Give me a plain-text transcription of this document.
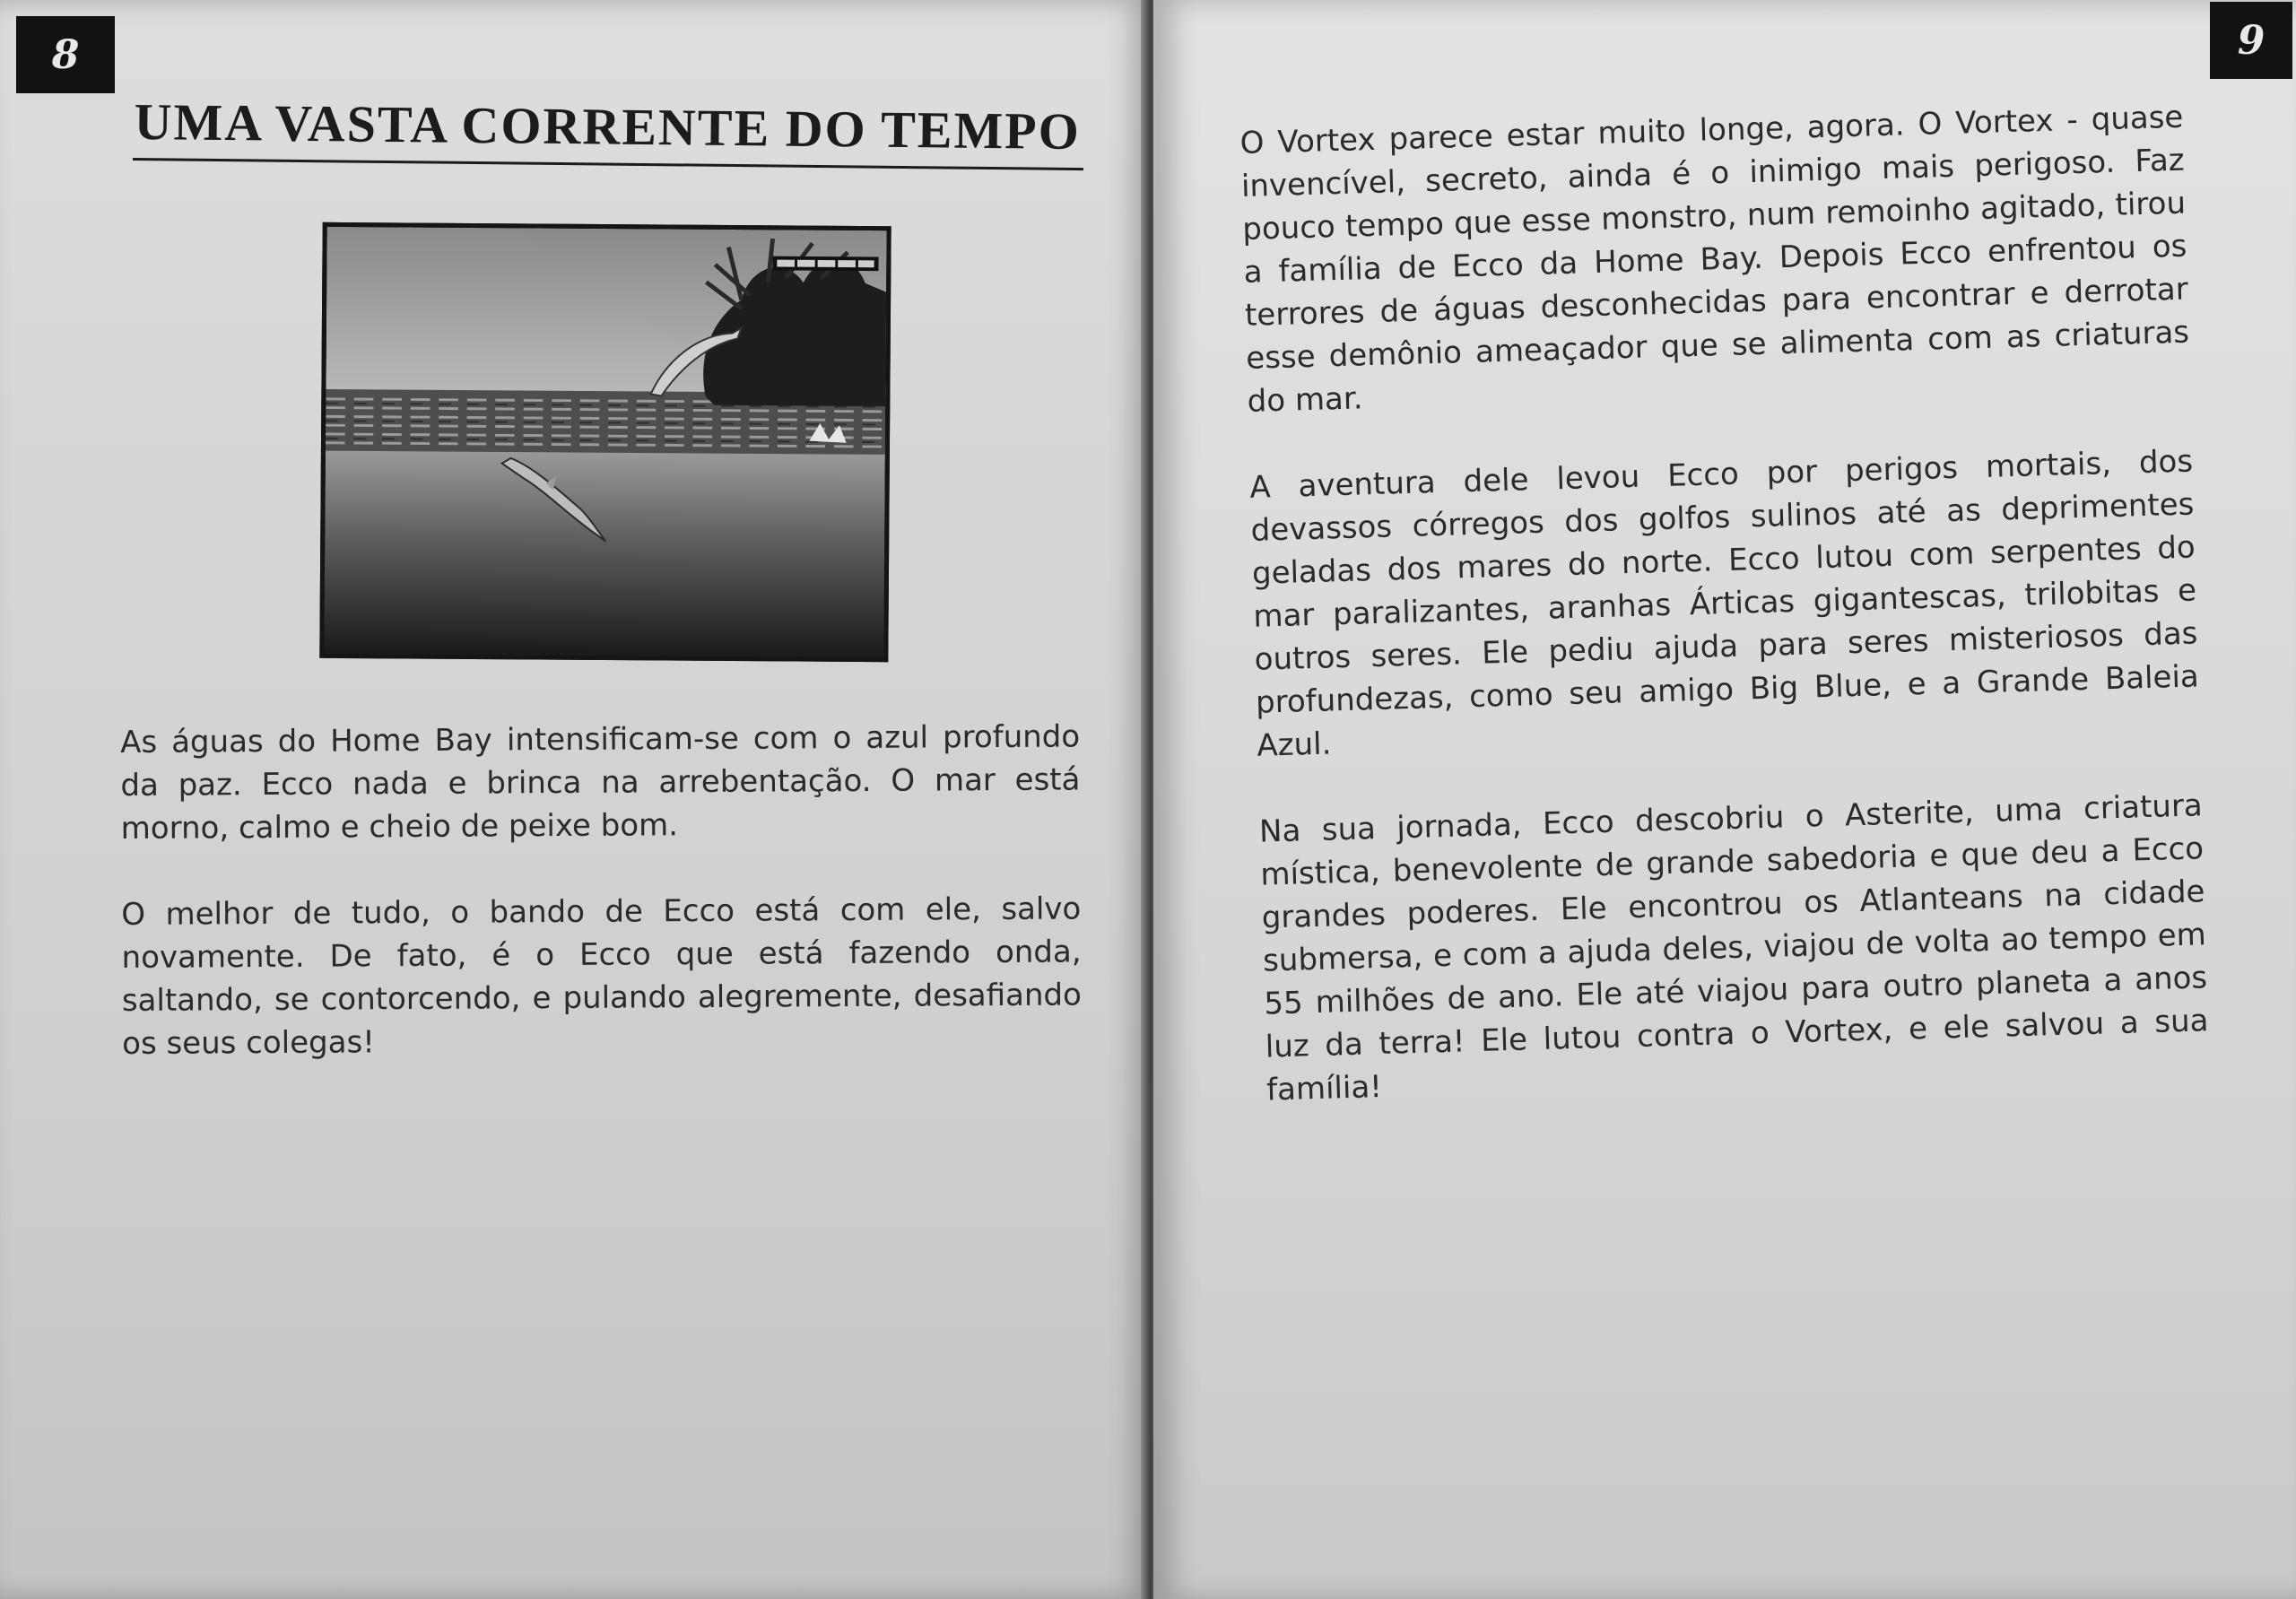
8
UMA VASTA CORRENTE DO TEMPO

As águas do Home Bay intensificam-se com o azul profundo da paz. Ecco nada e brinca na arrebentação. O mar está morno, calmo e cheio de peixe bom.

O melhor de tudo, o bando de Ecco está com ele, salvo novamente. De fato, é o Ecco que está fazendo onda, saltando, se contorcendo, e pulando alegremente, desafiando os seus colegas!

9

O Vortex parece estar muito longe, agora. O Vortex - quase invencível, secreto, ainda é o inimigo mais perigoso. Faz pouco tempo que esse monstro, num remoinho agitado, tirou a família de Ecco da Home Bay. Depois Ecco enfrentou os terrores de águas desconhecidas para encontrar e derrotar esse demônio ameaçador que se alimenta com as criaturas do mar.

A aventura dele levou Ecco por perigos mortais, dos devassos córregos dos golfos sulinos até as deprimentes geladas dos mares do norte. Ecco lutou com serpentes do mar paralizantes, aranhas Árticas gigantescas, trilobitas e outros seres. Ele pediu ajuda para seres misteriosos das profundezas, como seu amigo Big Blue, e a Grande Baleia Azul.

Na sua jornada, Ecco descobriu o Asterite, uma criatura mística, benevolente de grande sabedoria e que deu a Ecco grandes poderes. Ele encontrou os Atlanteans na cidade submersa, e com a ajuda deles, viajou de volta ao tempo em 55 milhões de ano. Ele até viajou para outro planeta a anos luz da terra! Ele lutou contra o Vortex, e ele salvou a sua família!
